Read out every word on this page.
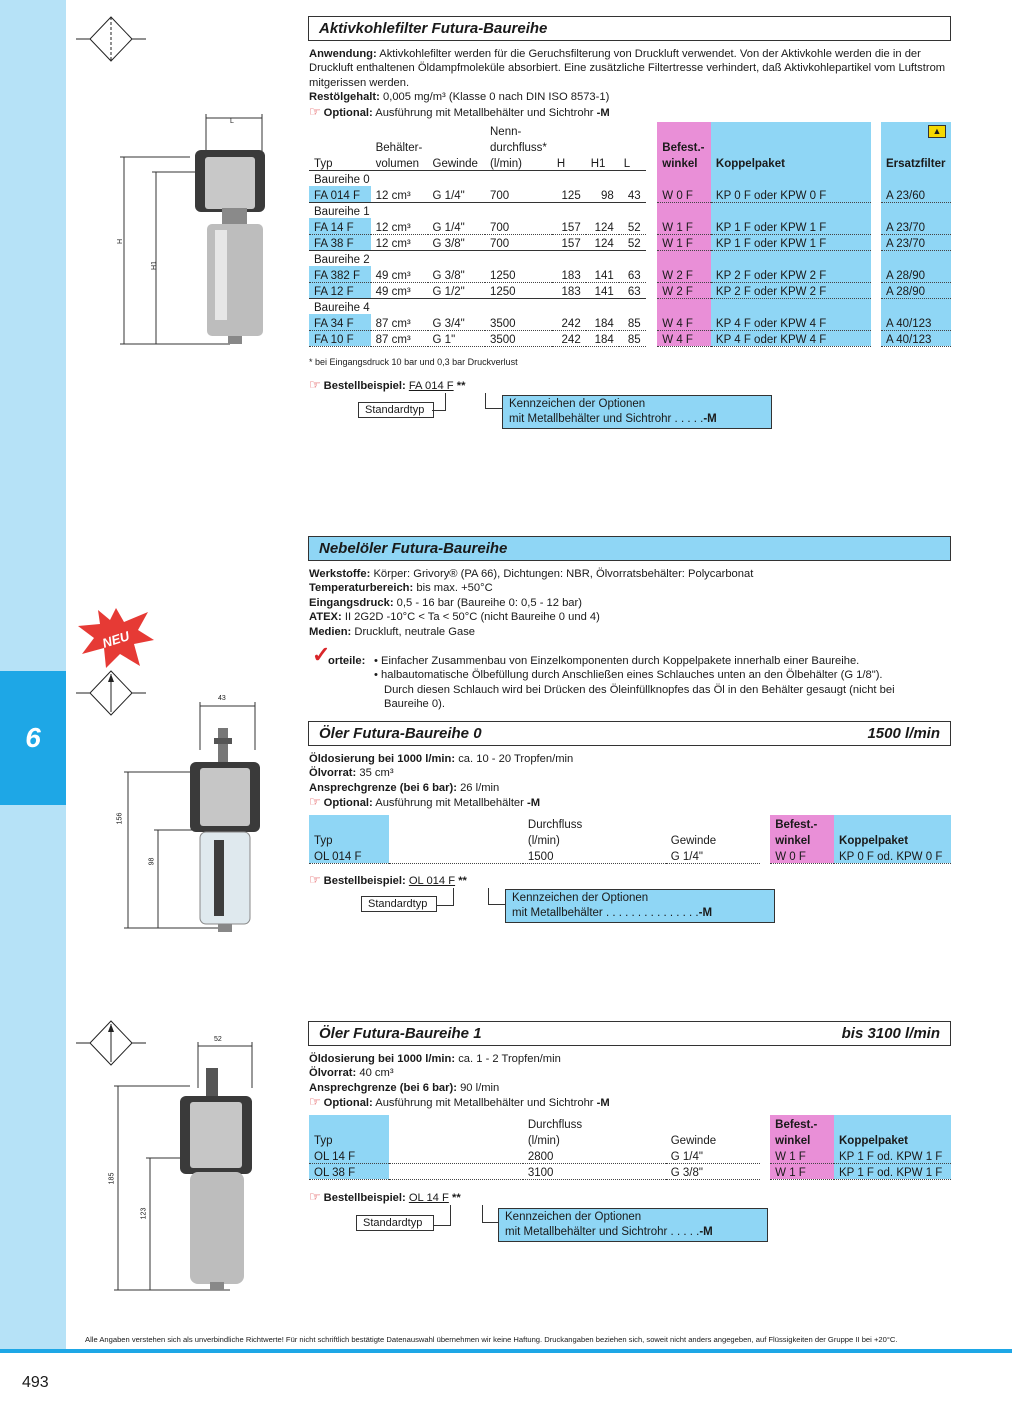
6
Alle Angaben verstehen sich als unverbindliche Richtwerte! Für nicht schriftlich bestätigte Datenauswahl übernehmen wir keine Haftung. Druckangaben beziehen sich, soweit nicht anders angegeben, auf Flüssigkeiten der Gruppe II bei +20°C.
493
L
H
H1
Aktivkohlefilter Futura-Baureihe
Anwendung: Aktivkohlefilter werden für die Geruchsfilterung von Druckluft verwendet. Von der Aktivkohle werden die in der Druckluft enthaltenen Öldampfmoleküle absorbiert. Eine zusätzliche Filtertresse verhindert, daß Aktivkohlepartikel vom Luftstrom mitgerissen werden.
Restölgehalt: 0,005 mg/m³ (Klasse 0 nach DIN ISO 8573-1)
☞ Optional: Ausführung mit Metallbehälter und Sichtrohr -M
			Nenn-								▲
	Behälter-		durchfluss*					Befest.-			
Typ	volumen	Gewinde	(l/min)	H	H1	L		winkel	Koppelpaket		Ersatzfilter
Baureihe 0											
FA 014 F	12 cm³	G 1/4"	700	125	98	43		W 0 F	KP 0 F oder KPW 0 F		A 23/60
Baureihe 1											
FA 14 F	12 cm³	G 1/4"	700	157	124	52		W 1 F	KP 1 F oder KPW 1 F		A 23/70
FA 38 F	12 cm³	G 3/8"	700	157	124	52		W 1 F	KP 1 F oder KPW 1 F		A 23/70
Baureihe 2											
FA 382 F	49 cm³	G 3/8"	1250	183	141	63		W 2 F	KP 2 F oder KPW 2 F		A 28/90
FA 12 F	49 cm³	G 1/2"	1250	183	141	63		W 2 F	KP 2 F oder KPW 2 F		A 28/90
Baureihe 4											
FA 34 F	87 cm³	G 3/4"	3500	242	184	85		W 4 F	KP 4 F oder KPW 4 F		A 40/123
FA 10 F	87 cm³	G 1"	3500	242	184	85		W 4 F	KP 4 F oder KPW 4 F		A 40/123
* bei Eingangsdruck 10 bar und 0,3 bar Druckverlust
☞ Bestellbeispiel: FA 014 F **
Standardtyp	Kennzeichen der Optionen
mit Metallbehälter und Sichtrohr . . . . .-M
Nebelöler Futura-Baureihe
Werkstoffe: Körper: Grivory® (PA 66), Dichtungen: NBR, Ölvorratsbehälter: Polycarbonat
Temperaturbereich: bis max. +50°C
Eingangsdruck: 0,5 - 16 bar (Baureihe 0: 0,5 - 12 bar)
ATEX: II 2G2D -10°C < Ta < 50°C (nicht Baureihe 0 und 4)
Medien: Druckluft, neutrale Gase
NEU
✓
orteile: • Einfacher Zusammenbau von Einzelkomponenten durch Koppelpakete innerhalb einer Baureihe.
• halbautomatische Ölbefüllung durch Anschließen eines Schlauches unten an den Ölbehälter (G 1/8").
Durch diesen Schlauch wird bei Drücken des Öleinfüllknopfes das Öl in den Behälter gesaugt (nicht bei
Baureihe 0).
43
156
98
Öler Futura-Baureihe 0	1500 l/min
Öldosierung bei 1000 l/min: ca. 10 - 20 Tropfen/min
Ölvorrat: 35 cm³
Ansprechgrenze (bei 6 bar): 26 l/min
☞ Optional: Ausführung mit Metallbehälter -M
		Durchfluss			Befest.-	
Typ		(l/min)	Gewinde		winkel	Koppelpaket
OL 014 F		1500	G 1/4"		W 0 F	KP 0 F od. KPW 0 F
☞ Bestellbeispiel: OL 014 F **
Standardtyp	Kennzeichen der Optionen
mit Metallbehälter . . . . . . . . . . . . . . .-M
52
185
123
Öler Futura-Baureihe 1	bis 3100 l/min
Öldosierung bei 1000 l/min: ca. 1 - 2 Tropfen/min
Ölvorrat: 40 cm³
Ansprechgrenze (bei 6 bar): 90 l/min
☞ Optional: Ausführung mit Metallbehälter und Sichtrohr -M
		Durchfluss			Befest.-	
Typ		(l/min)	Gewinde		winkel	Koppelpaket
OL 14 F		2800	G 1/4"		W 1 F	KP 1 F od. KPW 1 F
OL 38 F		3100	G 3/8"		W 1 F	KP 1 F od. KPW 1 F
☞ Bestellbeispiel: OL 14 F **
Standardtyp	Kennzeichen der Optionen
mit Metallbehälter und Sichtrohr . . . . .-M
